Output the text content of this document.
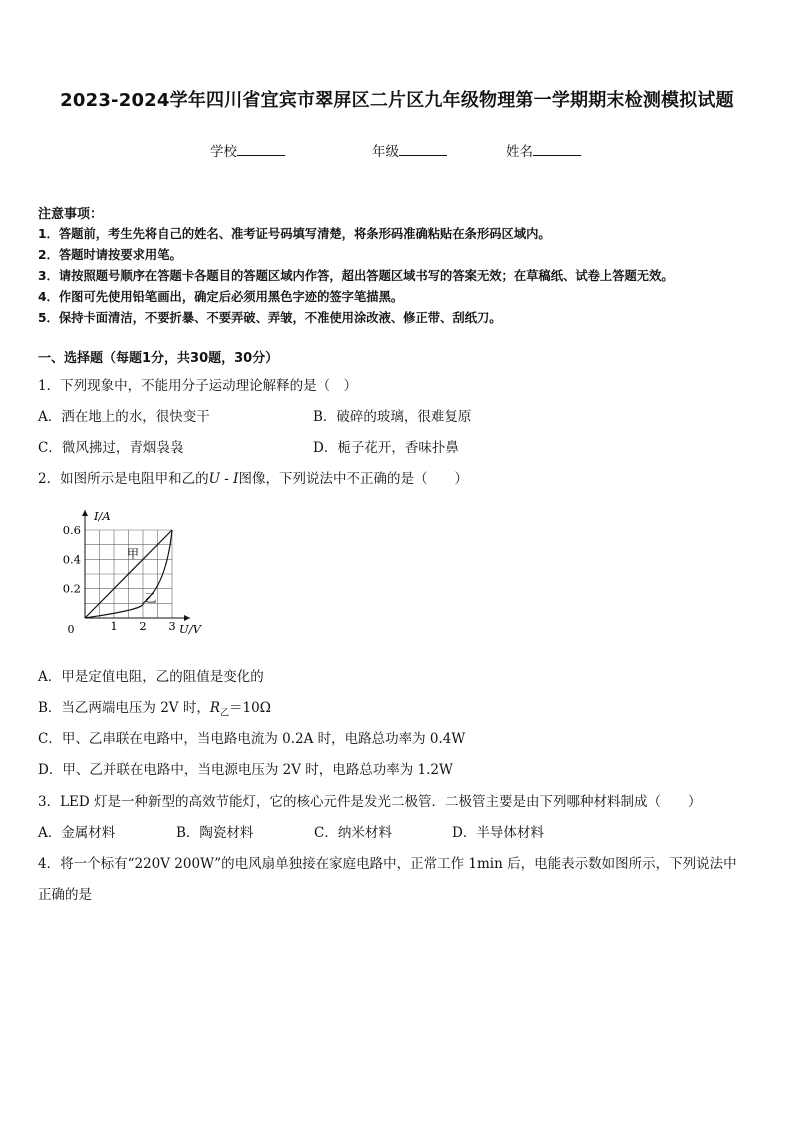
2023-2024学年四川省宜宾市翠屏区二片区九年级物理第一学期期末检测模拟试题
学校	年级	姓名
注意事项：
1．答题前，考生先将自己的姓名、准考证号码填写清楚，将条形码准确粘贴在条形码区域内。
2．答题时请按要求用笔。
3．请按照题号顺序在答题卡各题目的答题区域内作答，超出答题区域书写的答案无效；在草稿纸、试卷上答题无效。
4．作图可先使用铅笔画出，确定后必须用黑色字迹的签字笔描黑。
5．保持卡面清洁，不要折暴、不要弄破、弄皱，不准使用涂改液、修正带、刮纸刀。
一、选择题（每题1分，共30题，30分）
1．下列现象中，不能用分子运动理论解释的是（　）
A．洒在地上的水，很快变干	B．破碎的玻璃，很难复原
C．微风拂过，青烟袅袅	D．栀子花开，香味扑鼻
2．如图所示是电阻甲和乙的U - I图像，下列说法中不正确的是（　　）
甲
乙
0.2
0.4
0.6
1 2 3
0
I/A
U/V
A．甲是定值电阻，乙的阻值是变化的
B．当乙两端电压为 2V 时，$R_乙=10\Omega$
C．甲、乙串联在电路中，当电路电流为 0.2A 时，电路总功率为 0.4W
D．甲、乙并联在电路中，当电源电压为 2V 时，电路总功率为 1.2W
3．LED 灯是一种新型的高效节能灯，它的核心元件是发光二极管．二极管主要是由下列哪种材料制成（　　）
A．金属材料	B．陶瓷材料	C．纳米材料	D．半导体材料
4．将一个标有“220V 200W”的电风扇单独接在家庭电路中，正常工作 1min 后，电能表示数如图所示，下列说法中
正确的是
